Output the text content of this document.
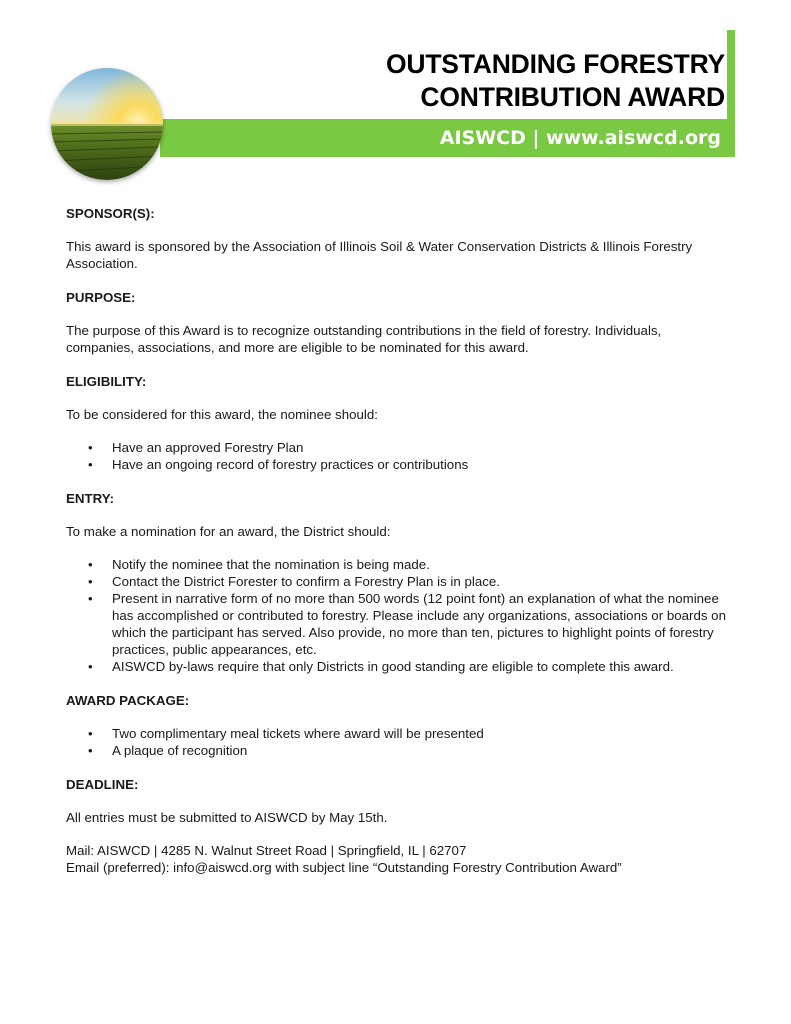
AISWCD | www.aiswcd.org
OUTSTANDING FORESTRY
CONTRIBUTION AWARD

SPONSOR(S):

This award is sponsored by the Association of Illinois Soil & Water Conservation Districts & Illinois Forestry Association.

PURPOSE:

The purpose of this Award is to recognize outstanding contributions in the field of forestry. Individuals, companies, associations, and more are eligible to be nominated for this award.

ELIGIBILITY:

To be considered for this award, the nominee should:

• Have an approved Forestry Plan
• Have an ongoing record of forestry practices or contributions

ENTRY:

To make a nomination for an award, the District should:

• Notify the nominee that the nomination is being made.
• Contact the District Forester to confirm a Forestry Plan is in place.
• Present in narrative form of no more than 500 words (12 point font) an explanation of what the nominee has accomplished or contributed to forestry. Please include any organizations, associations or boards on which the participant has served. Also provide, no more than ten, pictures to highlight points of forestry practices, public appearances, etc.
• AISWCD by-laws require that only Districts in good standing are eligible to complete this award.

AWARD PACKAGE:

• Two complimentary meal tickets where award will be presented
• A plaque of recognition

DEADLINE:

All entries must be submitted to AISWCD by May 15th.

Mail: AISWCD | 4285 N. Walnut Street Road | Springfield, IL | 62707

Email (preferred): info@aiswcd.org with subject line “Outstanding Forestry Contribution Award”
